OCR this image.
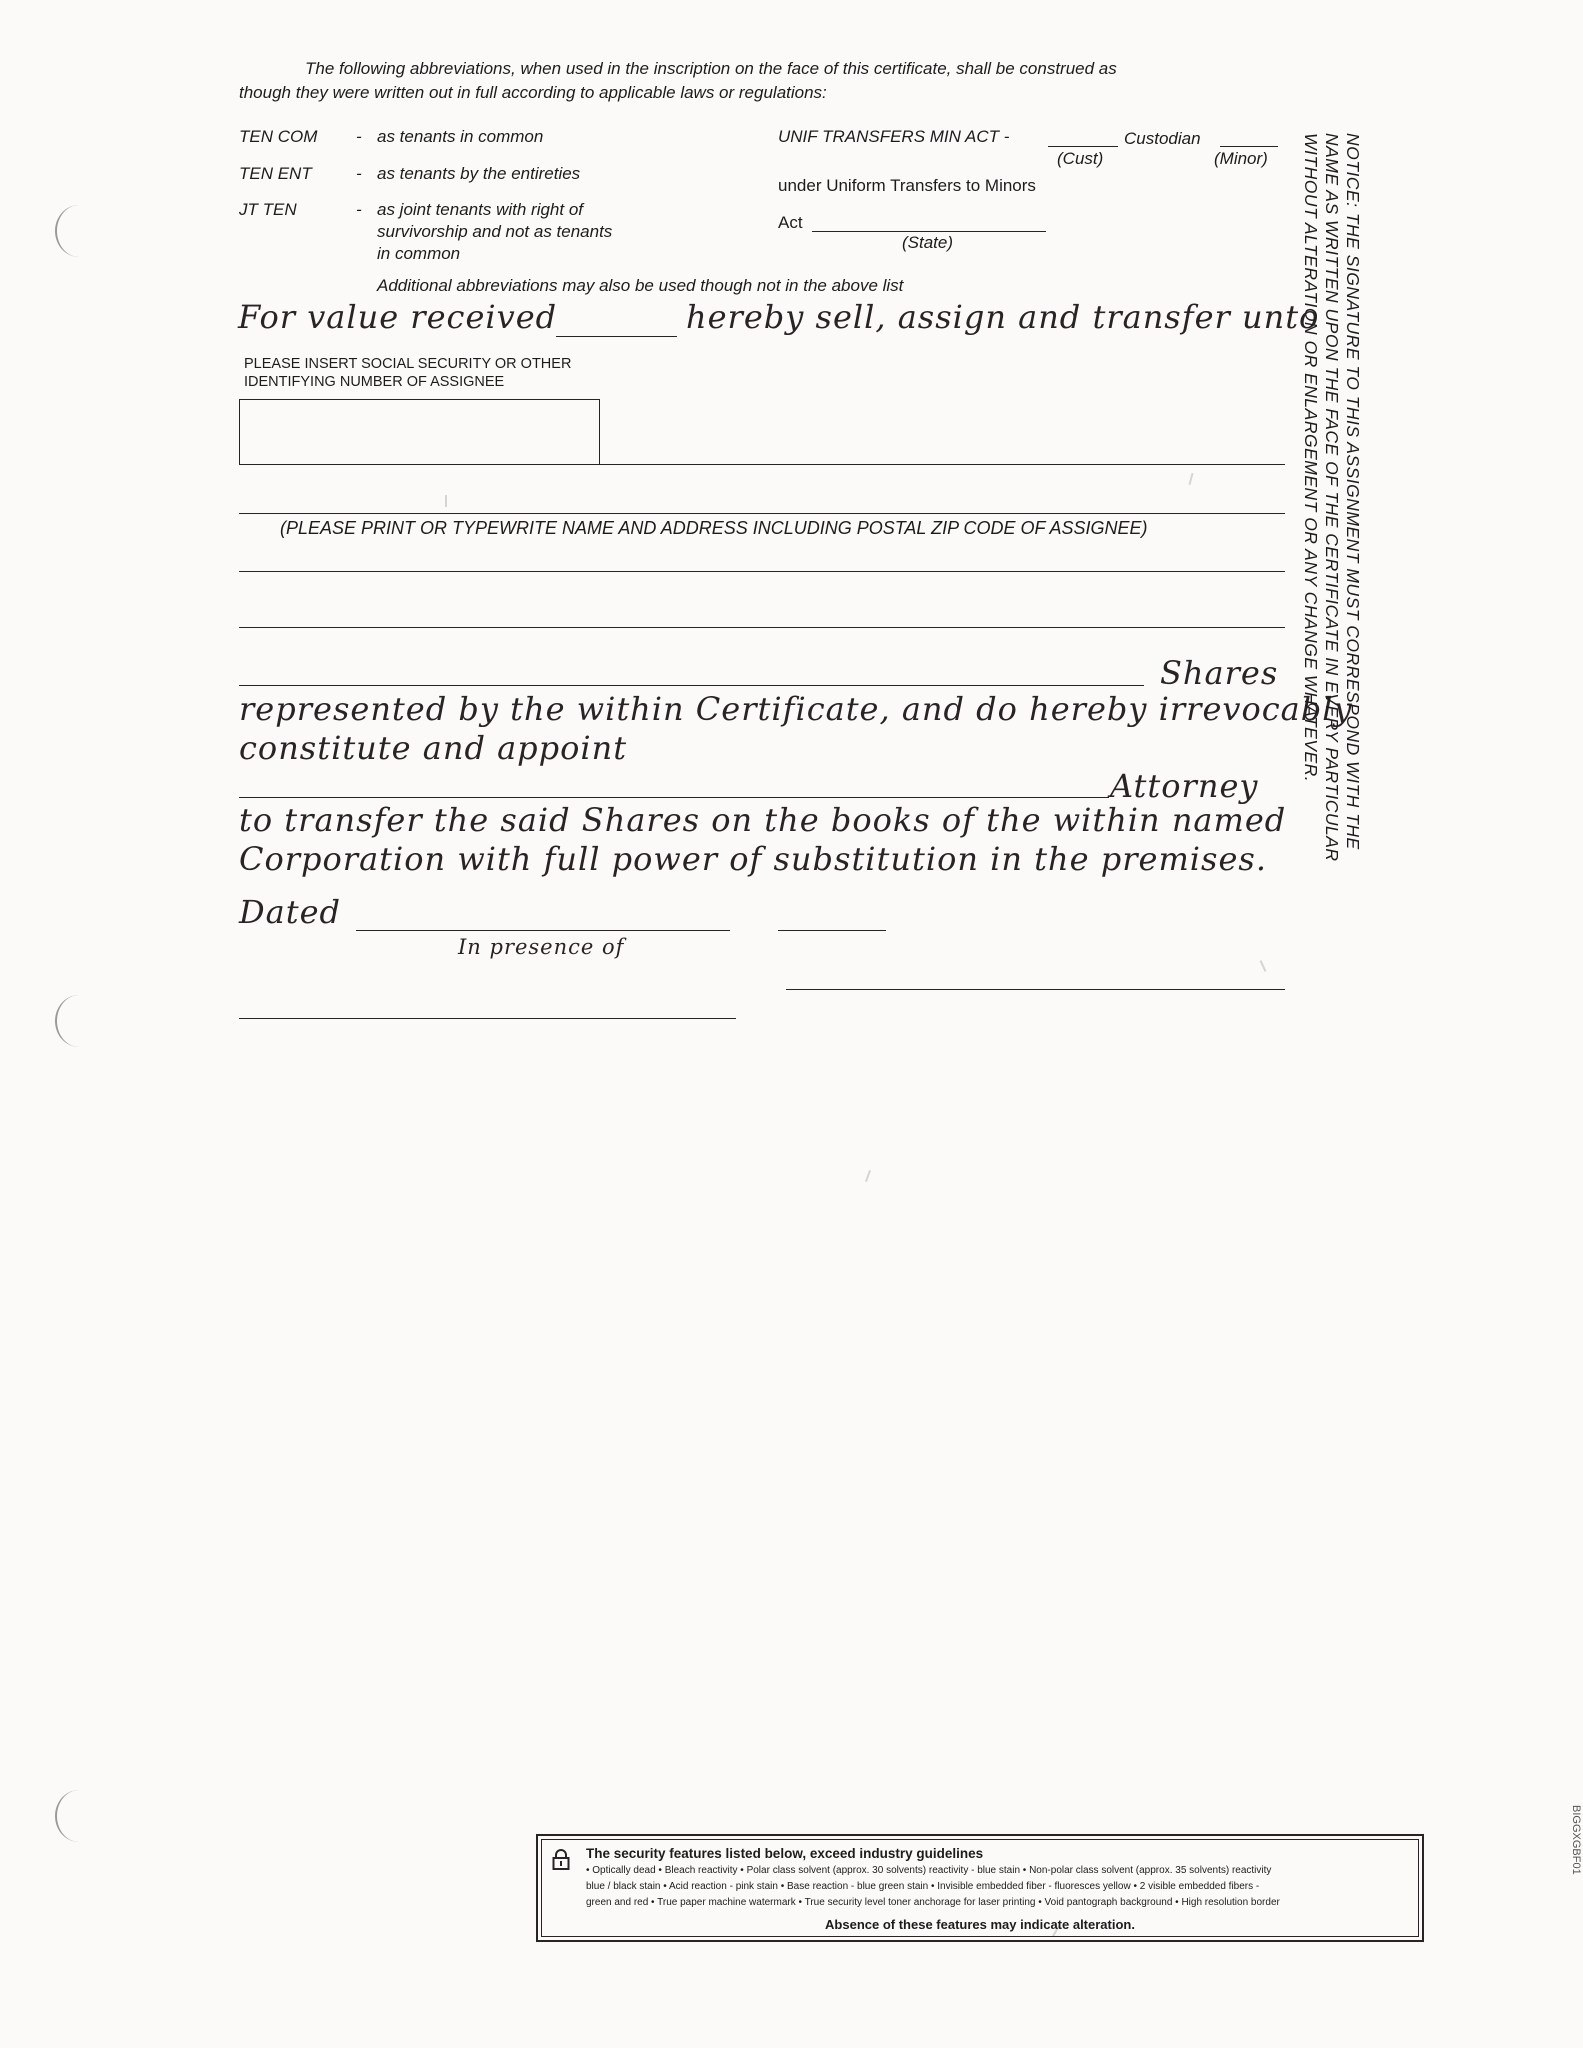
The following abbreviations, when used in the inscription on the face of this certificate, shall be construed as
though they were written out in full according to applicable laws or regulations:
TEN COM - as tenants in common
TEN ENT	- as tenants by the entireties
JT TEN	- as joint tenants with right of
survivorship and not as tenants
in common
UNIF TRANSFERS MIN ACT -	Custodian
(Cust)	(Minor)
under Uniform Transfers to Minors
Act
(State)
Additional abbreviations may also be used though not in the above list
For value received	hereby sell, assign and transfer unto
PLEASE INSERT SOCIAL SECURITY OR OTHER
IDENTIFYING NUMBER OF ASSIGNEE
(PLEASE PRINT OR TYPEWRITE NAME AND ADDRESS INCLUDING POSTAL ZIP CODE OF ASSIGNEE)
Shares
represented by the within Certificate, and do hereby irrevocably
constitute and appoint
Attorney
to transfer the said Shares on the books of the within named
Corporation with full power of substitution in the premises.
Dated
In presence of
NOTICE: THE SIGNATURE TO THIS ASSIGNMENT MUST CORRESPOND WITH THE
NAME AS WRITTEN UPON THE FACE OF THE CERTIFICATE IN EVERY PARTICULAR
WITHOUT ALTERATION OR ENLARGEMENT OR ANY CHANGE WHATEVER.
BIGGXGBF01
The security features listed below, exceed industry guidelines
• Optically dead • Bleach reactivity • Polar class solvent (approx. 30 solvents) reactivity - blue stain • Non-polar class solvent (approx. 35 solvents) reactivity
blue / black stain • Acid reaction - pink stain • Base reaction - blue green stain • Invisible embedded fiber - fluoresces yellow • 2 visible embedded fibers -
green and red • True paper machine watermark • True security level toner anchorage for laser printing • Void pantograph background • High resolution border
Absence of these features may indicate alteration.
